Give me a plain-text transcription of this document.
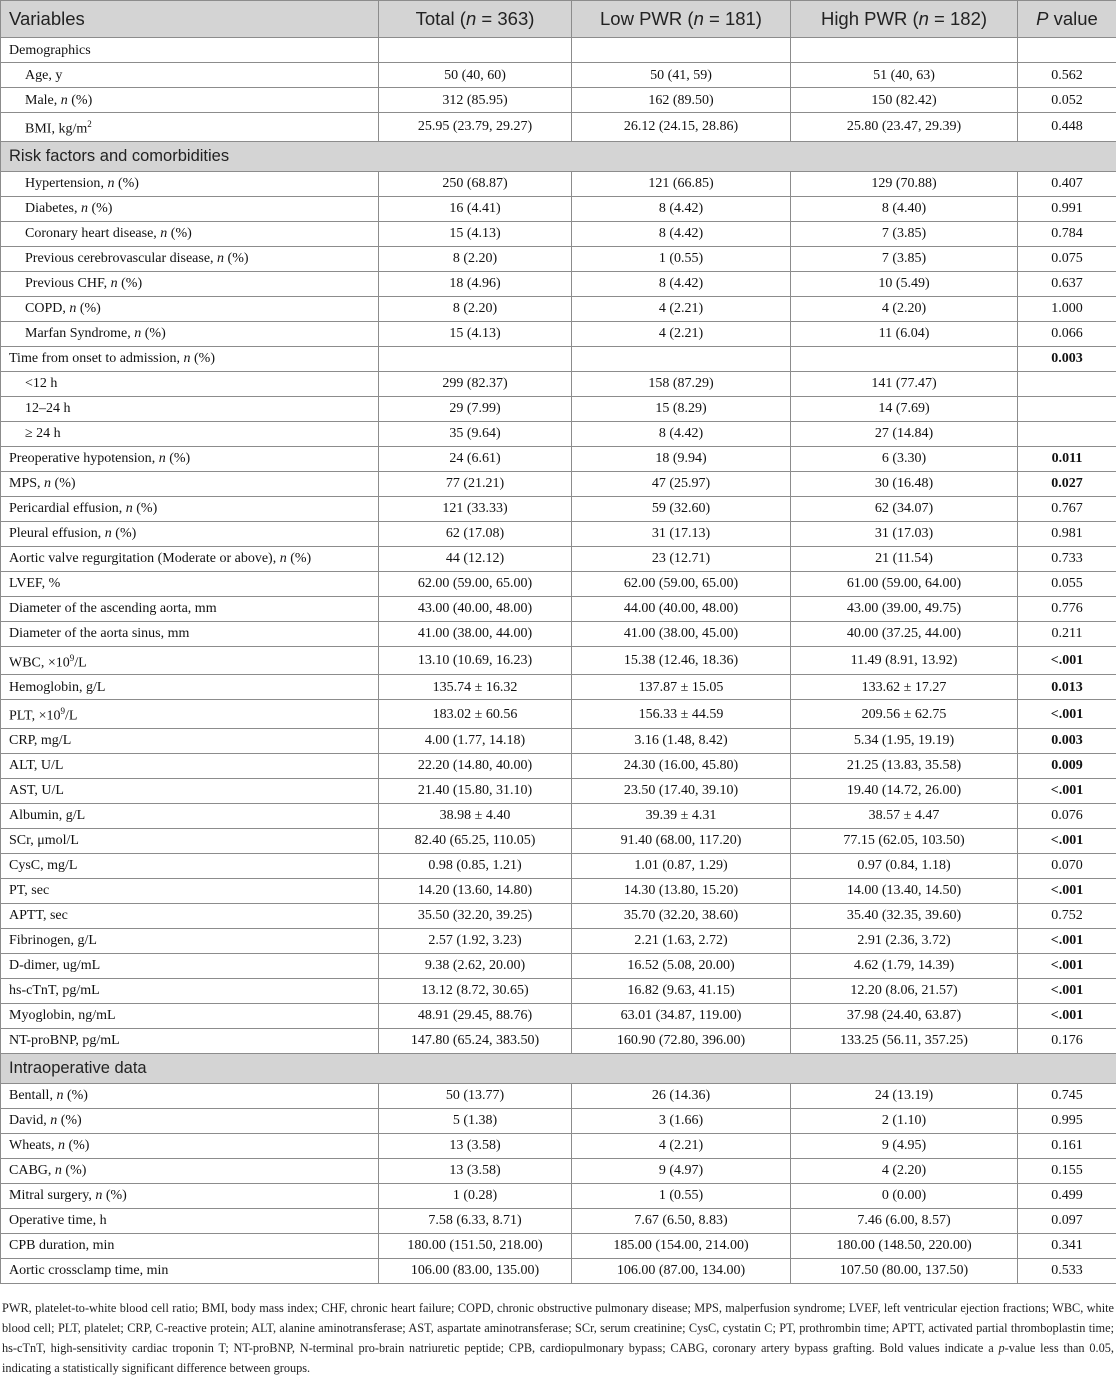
Variables	Total (n = 363)	Low PWR (n = 181)	High PWR (n = 182)	P value
Demographics				
Age, y	50 (40, 60)	50 (41, 59)	51 (40, 63)	0.562
Male, n (%)	312 (85.95)	162 (89.50)	150 (82.42)	0.052
BMI, $kg/m^2$	25.95 (23.79, 29.27)	26.12 (24.15, 28.86)	25.80 (23.47, 29.39)	0.448
Risk factors and comorbidities				
Hypertension, n (%)	250 (68.87)	121 (66.85)	129 (70.88)	0.407
Diabetes, n (%)	16 (4.41)	8 (4.42)	8 (4.40)	0.991
Coronary heart disease, n (%)	15 (4.13)	8 (4.42)	7 (3.85)	0.784
Previous cerebrovascular disease, n (%)	8 (2.20)	1 (0.55)	7 (3.85)	0.075
Previous CHF, n (%)	18 (4.96)	8 (4.42)	10 (5.49)	0.637
COPD, n (%)	8 (2.20)	4 (2.21)	4 (2.20)	1.000
Marfan Syndrome, n (%)	15 (4.13)	4 (2.21)	11 (6.04)	0.066
Time from onset to admission, n (%)				0.003
<12 h	299 (82.37)	158 (87.29)	141 (77.47)	
12–24 h	29 (7.99)	15 (8.29)	14 (7.69)	
≥ 24 h	35 (9.64)	8 (4.42)	27 (14.84)	
Preoperative hypotension, n (%)	24 (6.61)	18 (9.94)	6 (3.30)	0.011
MPS, n (%)	77 (21.21)	47 (25.97)	30 (16.48)	0.027
Pericardial effusion, n (%)	121 (33.33)	59 (32.60)	62 (34.07)	0.767
Pleural effusion, n (%)	62 (17.08)	31 (17.13)	31 (17.03)	0.981
Aortic valve regurgitation (Moderate or above), n (%)	44 (12.12)	23 (12.71)	21 (11.54)	0.733
LVEF, %	62.00 (59.00, 65.00)	62.00 (59.00, 65.00)	61.00 (59.00, 64.00)	0.055
Diameter of the ascending aorta, mm	43.00 (40.00, 48.00)	44.00 (40.00, 48.00)	43.00 (39.00, 49.75)	0.776
Diameter of the aorta sinus, mm	41.00 (38.00, 44.00)	41.00 (38.00, 45.00)	40.00 (37.25, 44.00)	0.211
WBC, $\times 10^9/L$	13.10 (10.69, 16.23)	15.38 (12.46, 18.36)	11.49 (8.91, 13.92)	<.001
Hemoglobin, g/L	135.74 ± 16.32	137.87 ± 15.05	133.62 ± 17.27	0.013
PLT, $\times 10^9/L$	183.02 ± 60.56	156.33 ± 44.59	209.56 ± 62.75	<.001
CRP, mg/L	4.00 (1.77, 14.18)	3.16 (1.48, 8.42)	5.34 (1.95, 19.19)	0.003
ALT, U/L	22.20 (14.80, 40.00)	24.30 (16.00, 45.80)	21.25 (13.83, 35.58)	0.009
AST, U/L	21.40 (15.80, 31.10)	23.50 (17.40, 39.10)	19.40 (14.72, 26.00)	<.001
Albumin, g/L	38.98 ± 4.40	39.39 ± 4.31	38.57 ± 4.47	0.076
SCr, μmol/L	82.40 (65.25, 110.05)	91.40 (68.00, 117.20)	77.15 (62.05, 103.50)	<.001
CysC, mg/L	0.98 (0.85, 1.21)	1.01 (0.87, 1.29)	0.97 (0.84, 1.18)	0.070
PT, sec	14.20 (13.60, 14.80)	14.30 (13.80, 15.20)	14.00 (13.40, 14.50)	<.001
APTT, sec	35.50 (32.20, 39.25)	35.70 (32.20, 38.60)	35.40 (32.35, 39.60)	0.752
Fibrinogen, g/L	2.57 (1.92, 3.23)	2.21 (1.63, 2.72)	2.91 (2.36, 3.72)	<.001
D-dimer, ug/mL	9.38 (2.62, 20.00)	16.52 (5.08, 20.00)	4.62 (1.79, 14.39)	<.001
hs-cTnT, pg/mL	13.12 (8.72, 30.65)	16.82 (9.63, 41.15)	12.20 (8.06, 21.57)	<.001
Myoglobin, ng/mL	48.91 (29.45, 88.76)	63.01 (34.87, 119.00)	37.98 (24.40, 63.87)	<.001
NT-proBNP, pg/mL	147.80 (65.24, 383.50)	160.90 (72.80, 396.00)	133.25 (56.11, 357.25)	0.176
Intraoperative data				
Bentall, n (%)	50 (13.77)	26 (14.36)	24 (13.19)	0.745
David, n (%)	5 (1.38)	3 (1.66)	2 (1.10)	0.995
Wheats, n (%)	13 (3.58)	4 (2.21)	9 (4.95)	0.161
CABG, n (%)	13 (3.58)	9 (4.97)	4 (2.20)	0.155
Mitral surgery, n (%)	1 (0.28)	1 (0.55)	0 (0.00)	0.499
Operative time, h	7.58 (6.33, 8.71)	7.67 (6.50, 8.83)	7.46 (6.00, 8.57)	0.097
CPB duration, min	180.00 (151.50, 218.00)	185.00 (154.00, 214.00)	180.00 (148.50, 220.00)	0.341
Aortic crossclamp time, min	106.00 (83.00, 135.00)	106.00 (87.00, 134.00)	107.50 (80.00, 137.50)	0.533

PWR, platelet-to-white blood cell ratio; BMI, body mass index; CHF, chronic heart failure; COPD, chronic obstructive pulmonary disease; MPS, malperfusion syndrome; LVEF, left ventricular ejection fractions; WBC, white blood cell; PLT, platelet; CRP, C-reactive protein; ALT, alanine aminotransferase; AST, aspartate aminotransferase; SCr, serum creatinine; CysC, cystatin C; PT, prothrombin time; APTT, activated partial thromboplastin time; hs-cTnT, high-sensitivity cardiac troponin T; NT-proBNP, N-terminal pro-brain natriuretic peptide; CPB, cardiopulmonary bypass; CABG, coronary artery bypass grafting. Bold values indicate a p-value less than 0.05, indicating a statistically significant difference between groups.
